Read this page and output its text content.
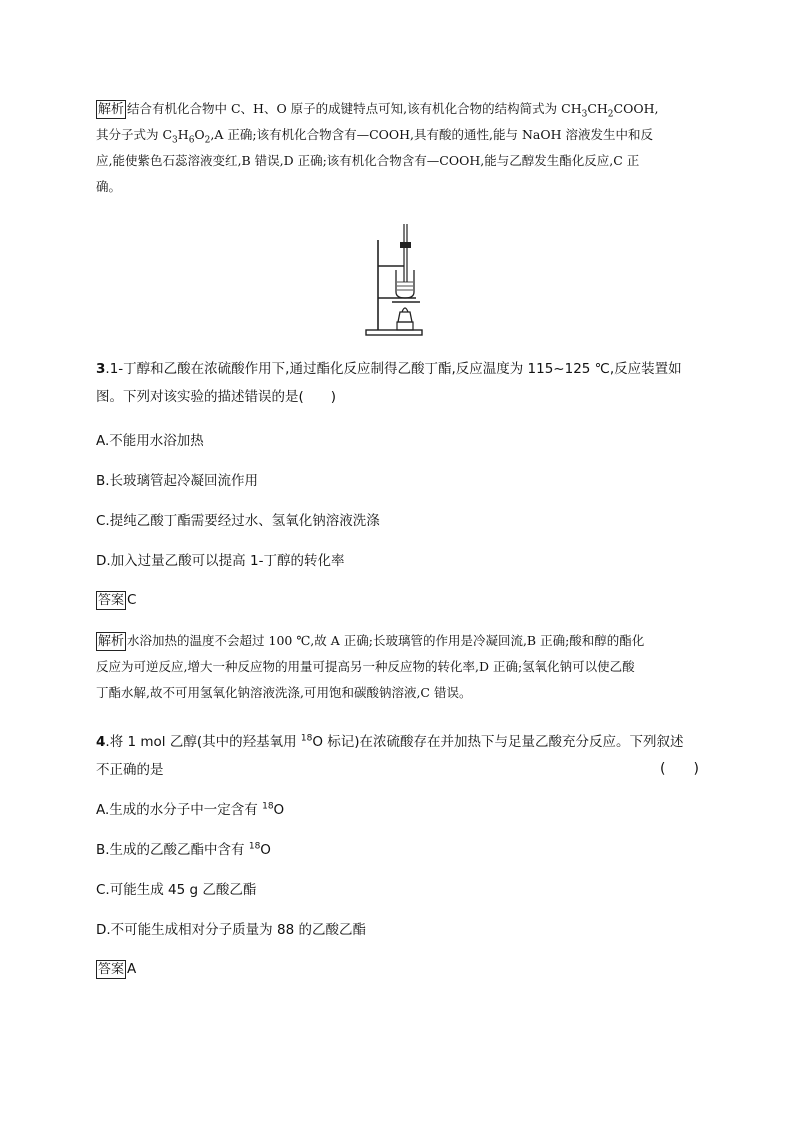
解析 结合有机化合物中 C、H、O 原子的成键特点可知,该有机化合物的结构简式为 $CH_3CH_2COOH$,
其分子式为 $C_3H_6O_2,A$ 正确;该有机化合物含有—COOH,具有酸的通性,能与 NaOH 溶液发生中和反
应,能使紫色石蕊溶液变红,B 错误,D 正确;该有机化合物含有—COOH,能与乙醇发生酯化反应,C 正
确。
3.1-丁醇和乙酸在浓硫酸作用下,通过酯化反应制得乙酸丁酯,反应温度为 115~125 ℃,反应装置如
图。下列对该实验的描述错误的是(　　)
A.不能用水浴加热
B.长玻璃管起冷凝回流作用
C.提纯乙酸丁酯需要经过水、氢氧化钠溶液洗涤
D.加入过量乙酸可以提高 1-丁醇的转化率
答案 C
解析 水浴加热的温度不会超过 100 ℃,故 A 正确;长玻璃管的作用是冷凝回流,B 正确;酸和醇的酯化
反应为可逆反应,增大一种反应物的用量可提高另一种反应物的转化率,D 正确;氢氧化钠可以使乙酸
丁酯水解,故不可用氢氧化钠溶液洗涤,可用饱和碳酸钠溶液,C 错误。
4.将 1 mol 乙醇(其中的羟基氧用 $^{18}$O 标记)在浓硫酸存在并加热下与足量乙酸充分反应。下列叙述
不正确的是	(　　)
A.生成的水分子中一定含有 $^{18}$O
B.生成的乙酸乙酯中含有 $^{18}$O
C.可能生成 45 g 乙酸乙酯
D.不可能生成相对分子质量为 88 的乙酸乙酯
答案 A
